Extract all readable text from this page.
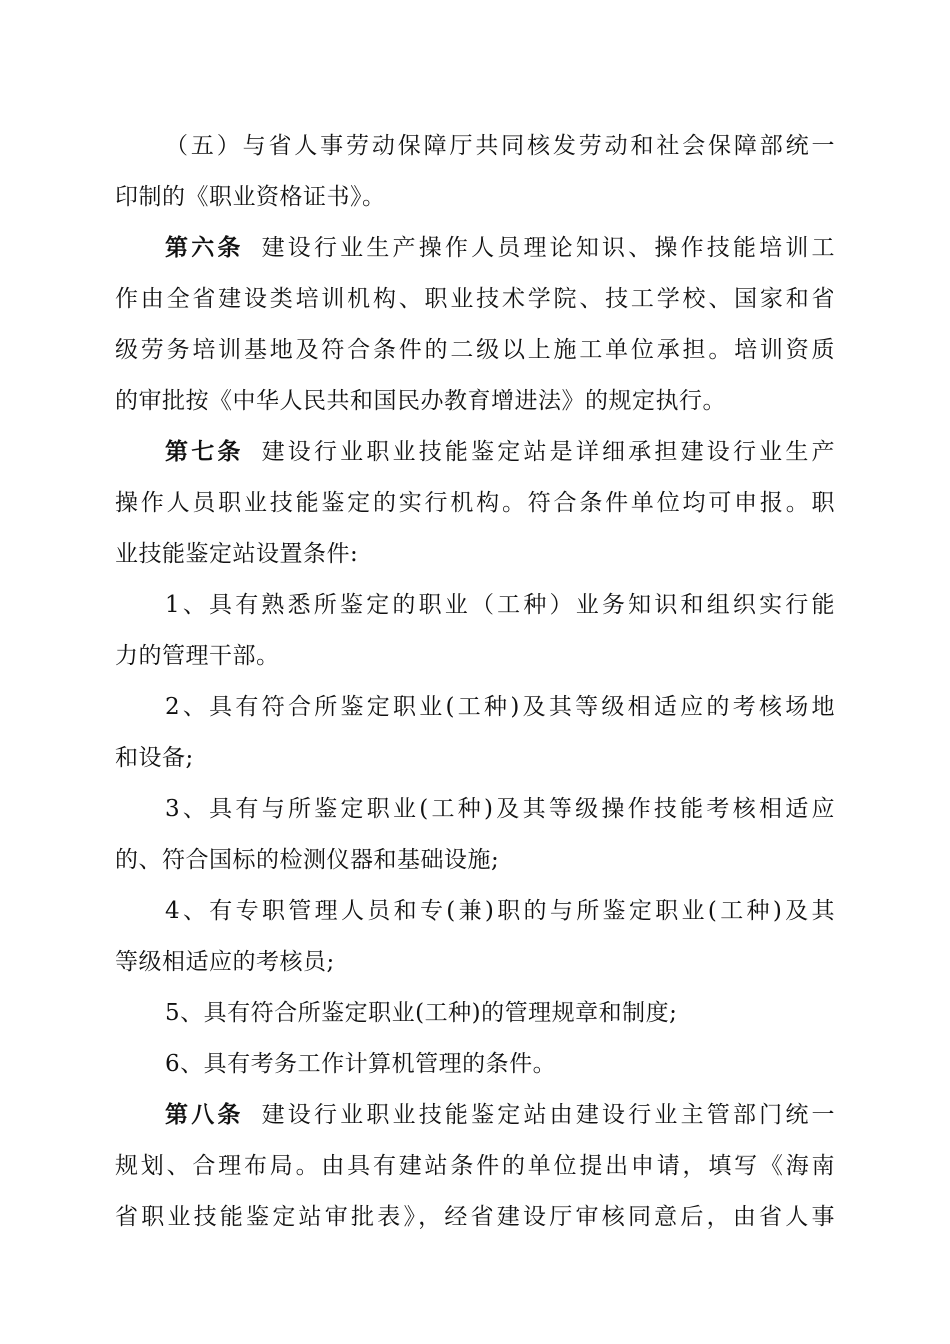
（五）与省人事劳动保障厅共同核发劳动和社会保障部统一
印制的《职业资格证书》。
第六条 建设行业生产操作人员理论知识、操作技能培训工
作由全省建设类培训机构、职业技术学院、技工学校、国家和省
级劳务培训基地及符合条件的二级以上施工单位承担。培训资质
的审批按《中华人民共和国民办教育增进法》的规定执行。
第七条 建设行业职业技能鉴定站是详细承担建设行业生产
操作人员职业技能鉴定的实行机构。符合条件单位均可申报。职
业技能鉴定站设置条件:
1、具有熟悉所鉴定的职业（工种）业务知识和组织实行能
力的管理干部。
2、具有符合所鉴定职业(工种)及其等级相适应的考核场地
和设备;
3、具有与所鉴定职业(工种)及其等级操作技能考核相适应
的、符合国标的检测仪器和基础设施;
4、有专职管理人员和专(兼)职的与所鉴定职业(工种)及其
等级相适应的考核员;
5、具有符合所鉴定职业(工种)的管理规章和制度;
6、具有考务工作计算机管理的条件。
第八条 建设行业职业技能鉴定站由建设行业主管部门统一
规划、合理布局。由具有建站条件的单位提出申请，填写《海南
省职业技能鉴定站审批表》，经省建设厅审核同意后，由省人事
